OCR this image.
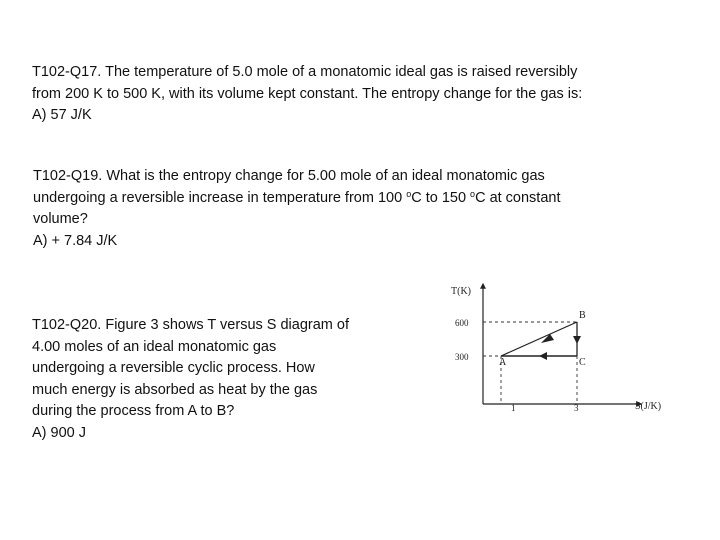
T102-Q17. The temperature of 5.0 mole of a monatomic ideal gas is raised reversibly
from 200 K to 500 K, with its volume kept constant. The entropy change for the gas is:
A) 57 J/K
T102-Q19. What is the entropy change for 5.00 mole of an ideal monatomic gas
undergoing a reversible increase in temperature from 100 $^o$C to 150 $^o$C at constant
volume?
A) + 7.84 J/K
T102-Q20. Figure 3 shows T versus S diagram of
4.00 moles of an ideal monatomic gas
undergoing a reversible cyclic process. How
much energy is absorbed as heat by the gas
during the process from A to B?
A) 900 J
T(K)
S(J/K)
600
300
1	3
A
B
C
